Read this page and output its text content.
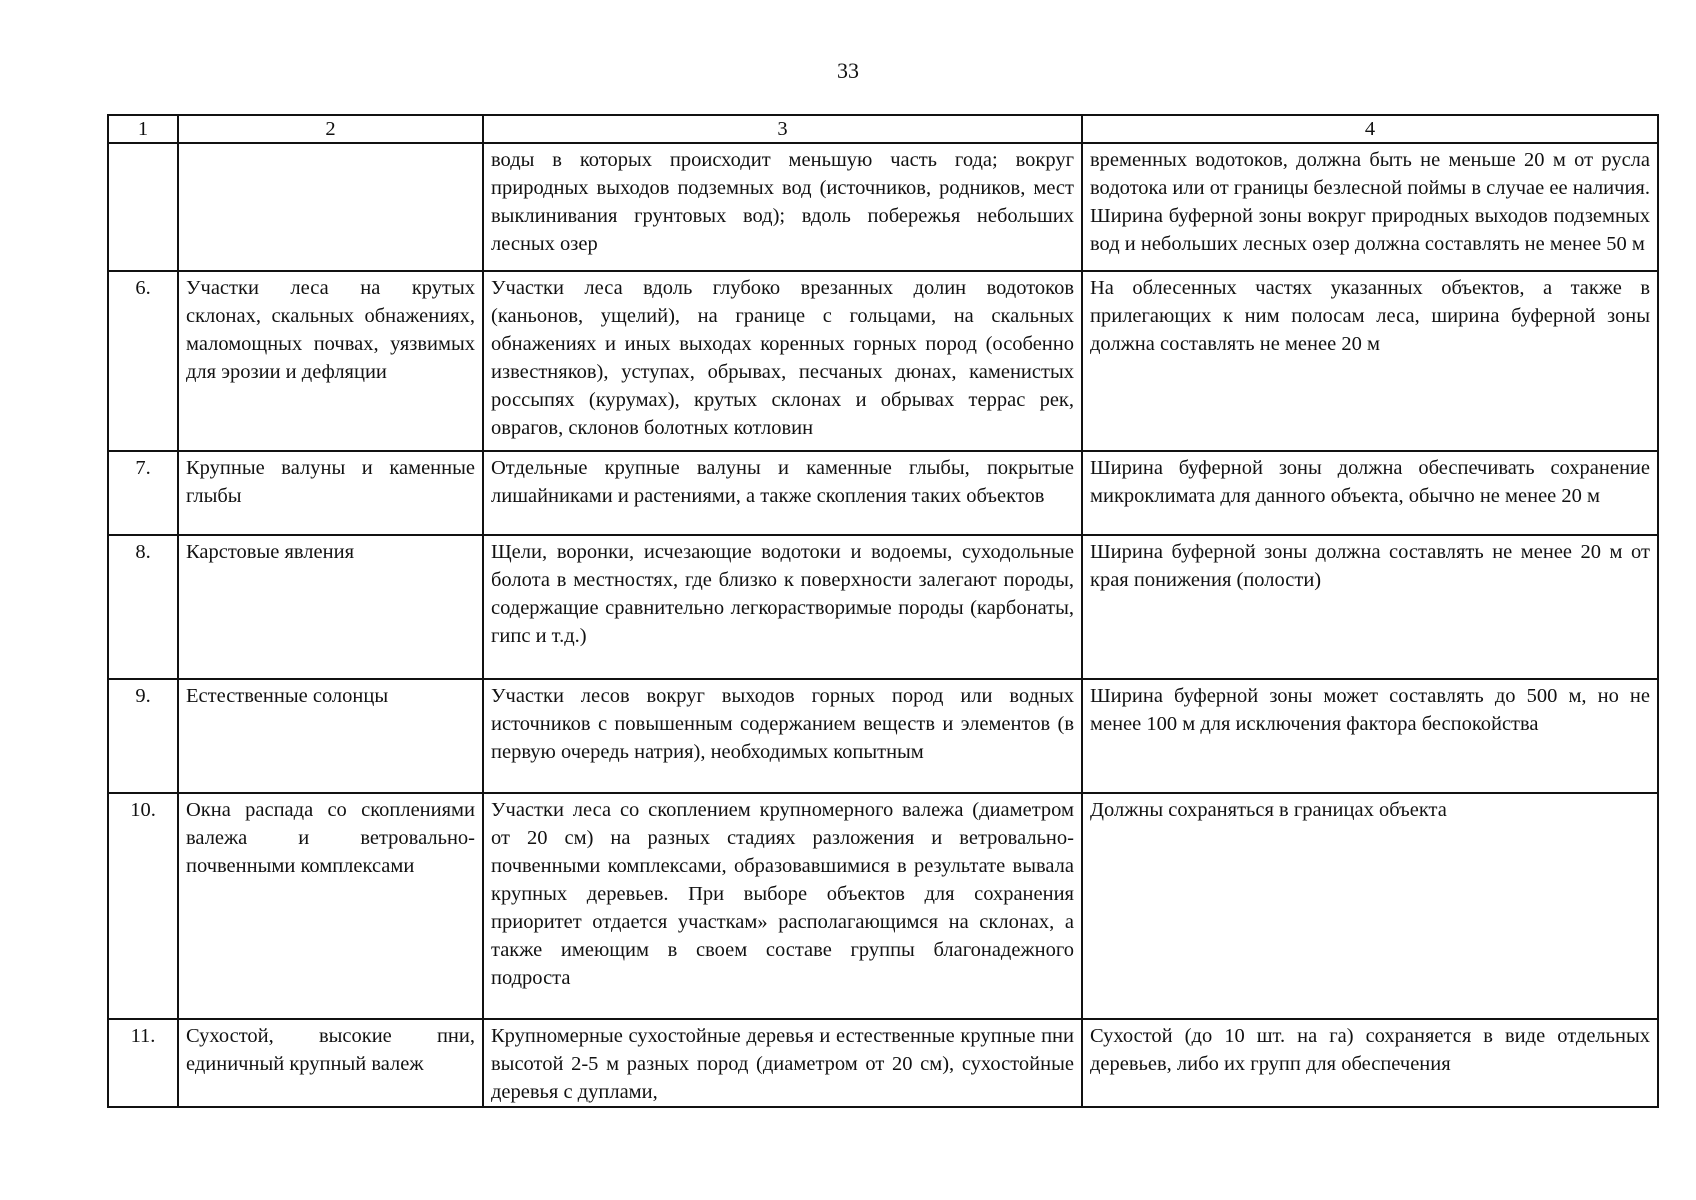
33
1	2	3	4
		воды в которых происходит меньшую часть года; вокруг природных выходов подземных вод (источников, родников, мест выклинивания грунтовых вод); вдоль побережья небольших лесных озер	временных водотоков, должна быть не меньше 20 м от русла водотока или от границы безлесной поймы в случае ее наличия. Ширина буферной зоны вокруг природных выходов подземных вод и небольших лесных озер должна составлять не менее 50 м
6.	Участки леса на крутых склонах, скальных обнажениях, маломощных почвах, уязвимых для эрозии и дефляции	Участки леса вдоль глубоко врезанных долин водотоков (каньонов, ущелий), на границе с гольцами, на скальных обнажениях и иных выходах коренных горных пород (особенно известняков), уступах, обрывах, песчаных дюнах, каменистых россыпях (курумах), крутых склонах и обрывах террас рек, оврагов, склонов болотных котловин	На облесенных частях указанных объектов, а также в прилегающих к ним полосам леса, ширина буферной зоны должна составлять не менее 20 м
7.	Крупные валуны и каменные глыбы	Отдельные крупные валуны и каменные глыбы, покрытые лишайниками и растениями, а также скопления таких объектов	Ширина буферной зоны должна обеспечивать сохранение микроклимата для данного объекта, обычно не менее 20 м
8.	Карстовые явления	Щели, воронки, исчезающие водотоки и водоемы, суходольные болота в местностях, где близко к поверхности залегают породы, содержащие сравнительно легкорастворимые породы (карбонаты, гипс и т.д.)	Ширина буферной зоны должна составлять не менее 20 м от края понижения (полости)
9.	Естественные солонцы	Участки лесов вокруг выходов горных пород или водных источников с повышенным содержанием веществ и элементов (в первую очередь натрия), необходимых копытным	Ширина буферной зоны может составлять до 500 м, но не менее 100 м для исключения фактора беспокойства
10.	Окна распада со скоплениями валежа и ветровально-почвенными комплексами	Участки леса со скоплением крупномерного валежа (диаметром от 20 см) на разных стадиях разложения и ветровально-почвенными комплексами, образовавшимися в результате вывала крупных деревьев. При выборе объектов для сохранения приоритет отдается участкам» располагающимся на склонах, а также имеющим в своем составе группы благонадежного подроста	Должны сохраняться в границах объекта
11.	Сухостой, высокие пни, единичный крупный валеж	Крупномерные сухостойные деревья и естественные крупные пни высотой 2-5 м разных пород (диаметром от 20 см), сухостойные деревья с дуплами,	Сухостой (до 10 шт. на га) сохраняется в виде отдельных деревьев, либо их групп для обеспечения
